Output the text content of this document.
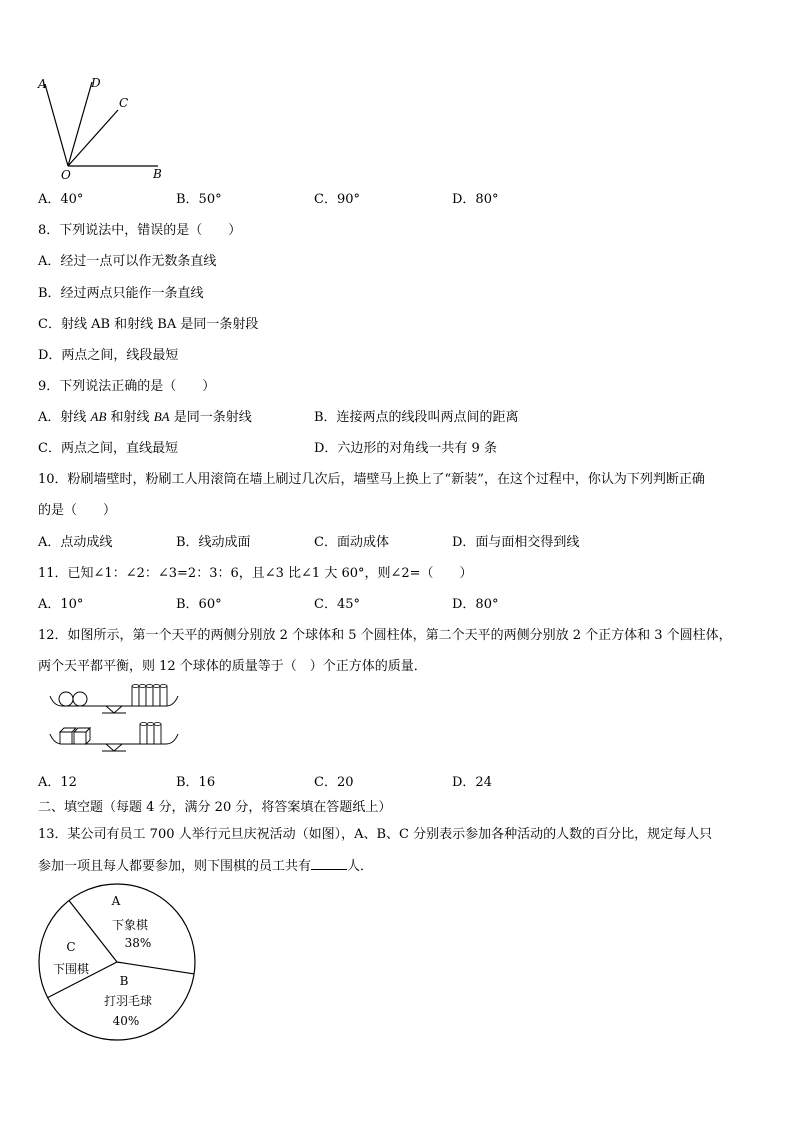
A	D
C
O	B
A．40°	B．50°	C．90°	D．80°
8．下列说法中，错误的是（　　）
A．经过一点可以作无数条直线
B．经过两点只能作一条直线
C．射线 AB 和射线 BA 是同一条射段
D．两点之间，线段最短
9．下列说法正确的是（　　）
A．射线 AB 和射线 BA 是同一条射线	B．连接两点的线段叫两点间的距离
C．两点之间，直线最短	D．六边形的对角线一共有 9 条
10．粉刷墙壁时，粉刷工人用滚筒在墙上刷过几次后，墙壁马上换上了“新装”，在这个过程中，你认为下列判断正确
的是（　　）
A．点动成线	B．线动成面	C．面动成体	D．面与面相交得到线
11．已知∠1：∠2：∠3=2：3：6，且∠3 比∠1 大 60°，则∠2=（　　）
A．10°	B．60°	C．45°	D．80°
12．如图所示，第一个天平的两侧分别放 2 个球体和 5 个圆柱体，第二个天平的两侧分别放 2 个正方体和 3 个圆柱体，
两个天平都平衡，则 12 个球体的质量等于（　）个正方体的质量．
A．12	B．16	C．20	D．24
二、填空题（每题 4 分，满分 20 分，将答案填在答题纸上）
13．某公司有员工 700 人举行元旦庆祝活动（如图），A、B、C 分别表示参加各种活动的人数的百分比，规定每人只
参加一项且每人都要参加，则下围棋的员工共有	人．
A
下象棋
38%
C
下围棋
B
打羽毛球
40%
